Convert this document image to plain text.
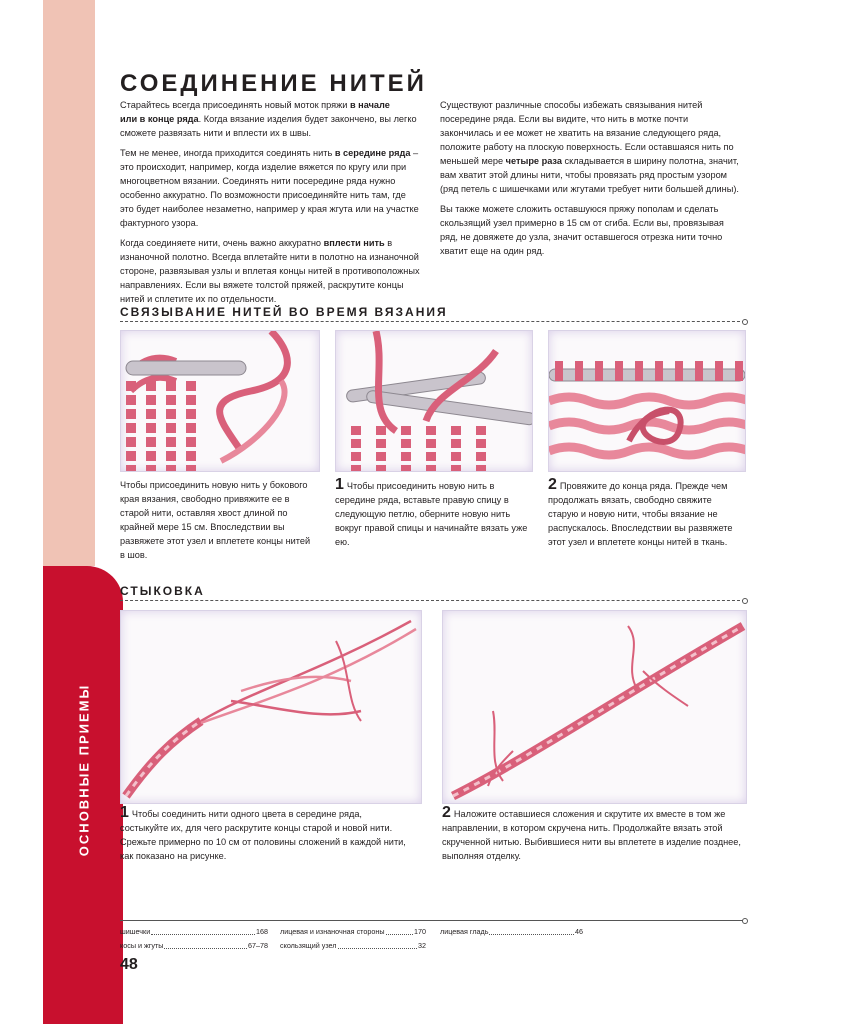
ОСНОВНЫЕ ПРИЕМЫ
СОЕДИНЕНИЕ НИТЕЙ

Старайтесь всегда присоединять новый моток пряжи в начале
или в конце ряда. Когда вязание изделия будет закончено, вы легко сможете развязать нити и вплести их в швы.

Тем не менее, иногда приходится соединять нить в середине ряда – это происходит, например, когда изделие вяжется по кругу или при многоцветном вязании. Соединять нити посередине ряда нужно особенно аккуратно. По возможности присоединяйте нить там, где это будет наиболее незаметно, например у края жгута или на участке фактурного узора.

Когда соединяете нити, очень важно аккуратно вплести нить в изнаночной полотно. Всегда вплетайте нити в полотно на изнаночной стороне, развязывая узлы и вплетая концы нитей в противоположных направлениях. Если вы вяжете толстой пряжей, раскрутите концы нитей и сплетите их по отдельности.

Существуют различные способы избежать связывания нитей посередине ряда. Если вы видите, что нить в мотке почти закончилась и ее может не хватить на вязание следующего ряда, положите работу на плоскую поверхность. Если оставшаяся нить по меньшей мере четыре раза складывается в ширину полотна, значит, вам хватит этой длины нити, чтобы провязать ряд простым узором (ряд петель с шишечками или жгутами требует нити большей длины).

Вы также можете сложить оставшуюся пряжу пополам и сделать скользящий узел примерно в 15 см от сгиба. Если вы, провязывая ряд, не довяжете до узла, значит оставшегося отрезка нити точно хватит еще на один ряд.

СВЯЗЫВАНИЕ НИТЕЙ ВО ВРЕМЯ ВЯЗАНИЯ
Чтобы присоединить новую нить у бокового края вязания, свободно привяжите ее в старой нити, оставляя хвост длиной по крайней мере 15 см. Впоследствии вы развяжете этот узел и вплетете концы нитей в шов.
1 Чтобы присоединить новую нить в середине ряда, вставьте правую спицу в следующую петлю, оберните новую нить вокруг правой спицы и начинайте вязать уже ею.
2 Провяжите до конца ряда. Прежде чем продолжать вязать, свободно свяжите старую и новую нити, чтобы вязание не распускалось. Впоследствии вы развяжете этот узел и вплетете концы нитей в ткань.
СТЫКОВКА
1 Чтобы соединить нити одного цвета в середине ряда, состыкуйте их, для чего раскрутите концы старой и новой нити. Срежьте примерно по 10 см от половины сложений в каждой нити, как показано на рисунке.
2 Наложите оставшиеся сложения и скрутите их вместе в том же направлении, в котором скручена нить. Продолжайте вязать этой скрученной нитью. Выбившиеся нити вы вплетете в изделие позднее, выполняя отделку.
шишечки	168
косы и жгуты	67–78
лицевая и изнаночная стороны	170
скользящий узел	32
лицевая гладь	46
48
